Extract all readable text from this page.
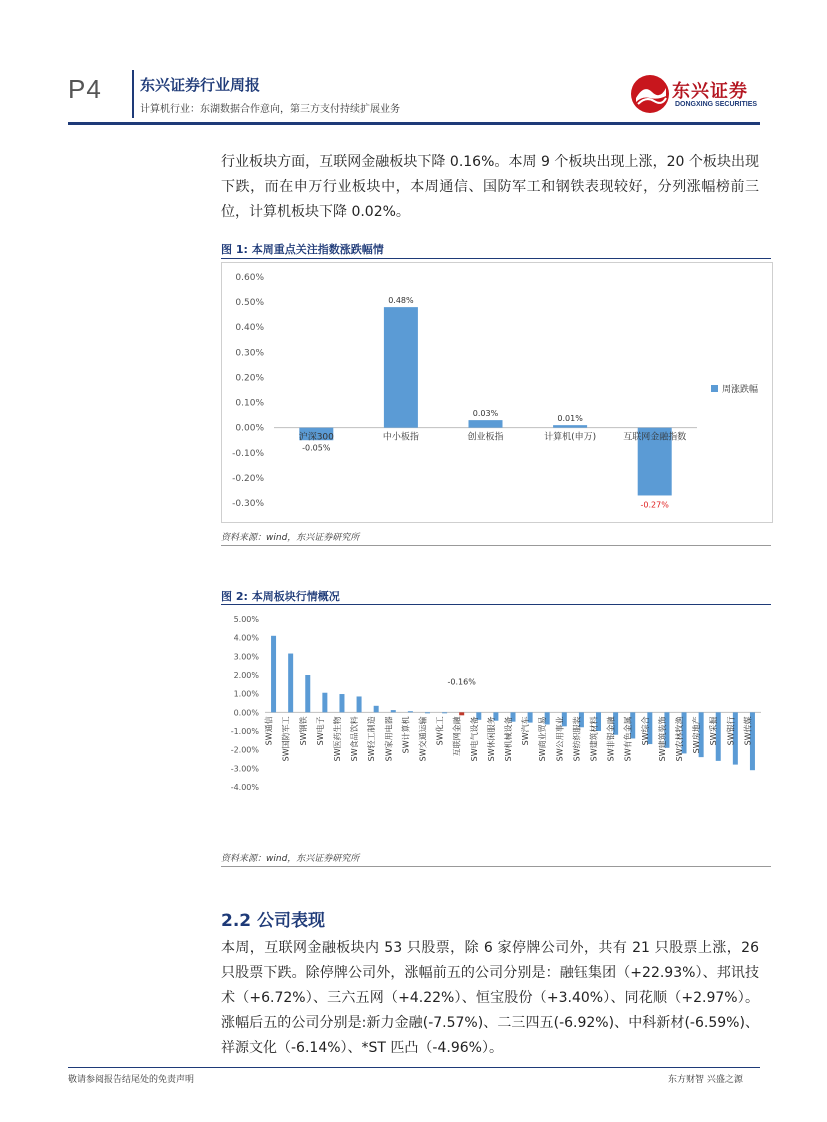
P4	东兴证券行业周报
计算机行业：东湖数据合作意向，第三方支付持续扩展业务
东兴证券
DONGXING SECURITIES
行业板块方面，互联网金融板块下降 0.16%。本周 9 个板块出现上涨，20 个板块出现下跌，而在申万行业板块中，本周通信、国防军工和钢铁表现较好，分列涨幅榜前三位，计算机板块下降 0.02%。
图 1: 本周重点关注指数涨跌幅情
0.60%
0.50%
0.40%
0.30%
0.20%
0.10%
0.00%
-0.10%
-0.20%
-0.30%
沪深300
-0.05%
中小板指
0.48%
创业板指
0.03%
计算机(申万)
0.01%
互联网金融指数
-0.27%
周涨跌幅
资料来源：wind，东兴证券研究所
图 2: 本周板块行情概况
5.00%
4.00%
3.00%
2.00%
1.00%
0.00%
-1.00%
-2.00%
-3.00%
-4.00%
SW通信 SW国防军工 SW钢铁 SW电子 SW医药生物 SW食品饮料 SW轻工制造 SW家用电器 SW计算机 SW交通运输 SW化工 互联网金融 SW电气设备 SW休闲服务 SW机械设备 SW汽车 SW商业贸易 SW公用事业 SW纺织服装 SW建筑材料 SW非银金融 SW有色金属 SW综合 SW建筑装饰 SW农林牧渔 SW房地产 SW采掘 SW银行 SW传媒
-0.16%
资料来源：wind，东兴证券研究所
2.2 公司表现
本周，互联网金融板块内 53 只股票，除 6 家停牌公司外，共有 21 只股票上涨，26 只股票下跌。除停牌公司外，涨幅前五的公司分别是：融钰集团（+22.93%）、邦讯技术（+6.72%）、三六五网（+4.22%）、恒宝股份（+3.40%）、同花顺（+2.97%）。涨幅后五的公司分别是:新力金融(-7.57%)、二三四五(-6.92%)、中科新材(-6.59%)、祥源文化（-6.14%）、*ST 匹凸（-4.96%）。
敬请参阅报告结尾处的免责声明	东方财智 兴盛之源
